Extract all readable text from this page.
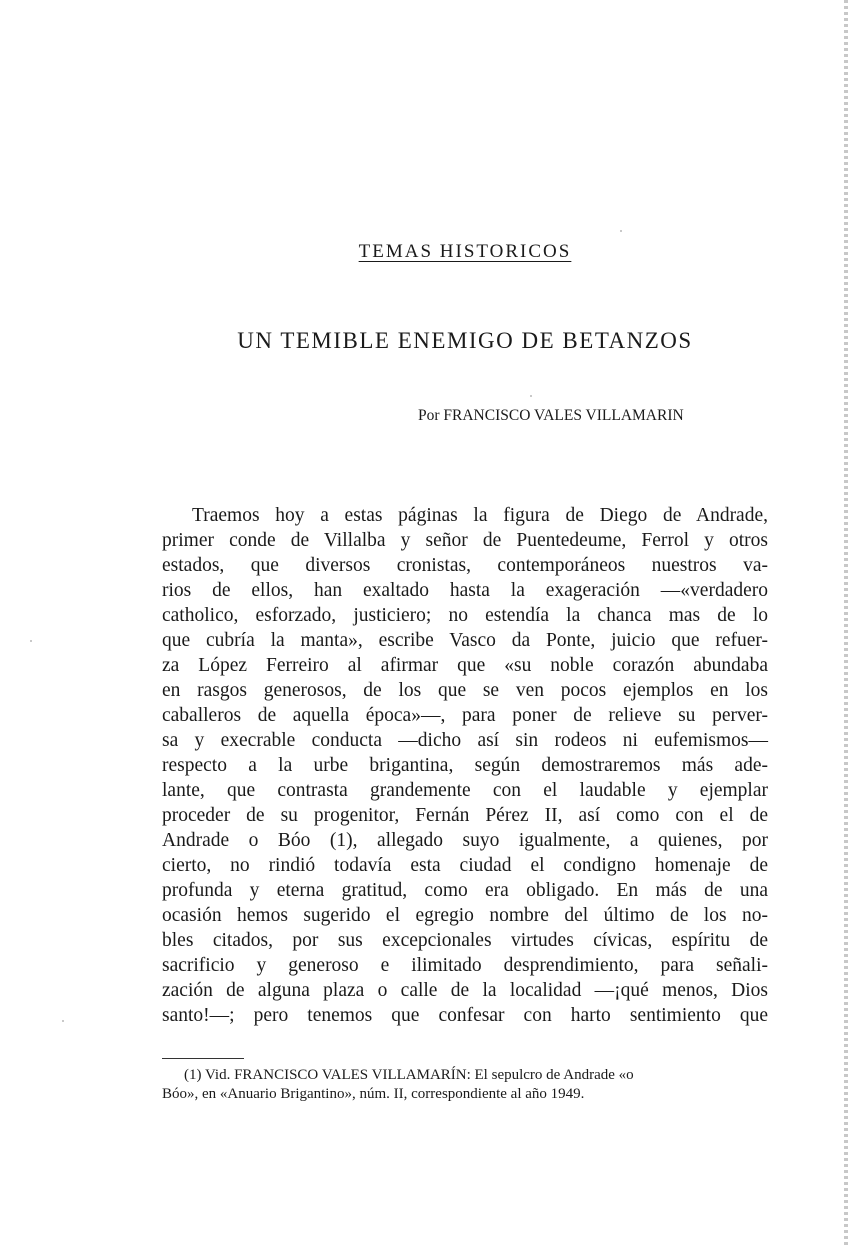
TEMAS HISTORICOS
UN TEMIBLE ENEMIGO DE BETANZOS
Por FRANCISCO VALES VILLAMARIN
Traemos hoy a estas páginas la figura de Diego de Andrade,
primer conde de Villalba y señor de Puentedeume, Ferrol y otros
estados, que diversos cronistas, contemporáneos nuestros va-
rios de ellos, han exaltado hasta la exageración —«verdadero
catholico, esforzado, justiciero; no estendía la chanca mas de lo
que cubría la manta», escribe Vasco da Ponte, juicio que refuer-
za López Ferreiro al afirmar que «su noble corazón abundaba
en rasgos generosos, de los que se ven pocos ejemplos en los
caballeros de aquella época»—, para poner de relieve su perver-
sa y execrable conducta —dicho así sin rodeos ni eufemismos—
respecto a la urbe brigantina, según demostraremos más ade-
lante, que contrasta grandemente con el laudable y ejemplar
proceder de su progenitor, Fernán Pérez II, así como con el de
Andrade o Bóo (1), allegado suyo igualmente, a quienes, por
cierto, no rindió todavía esta ciudad el condigno homenaje de
profunda y eterna gratitud, como era obligado. En más de una
ocasión hemos sugerido el egregio nombre del último de los no-
bles citados, por sus excepcionales virtudes cívicas, espíritu de
sacrificio y generoso e ilimitado desprendimiento, para señali-
zación de alguna plaza o calle de la localidad —¡qué menos, Dios
santo!—; pero tenemos que confesar con harto sentimiento que
(1) Vid. FRANCISCO VALES VILLAMARÍN: El sepulcro de Andrade «o
Bóo», en «Anuario Brigantino», núm. II, correspondiente al año 1949.
